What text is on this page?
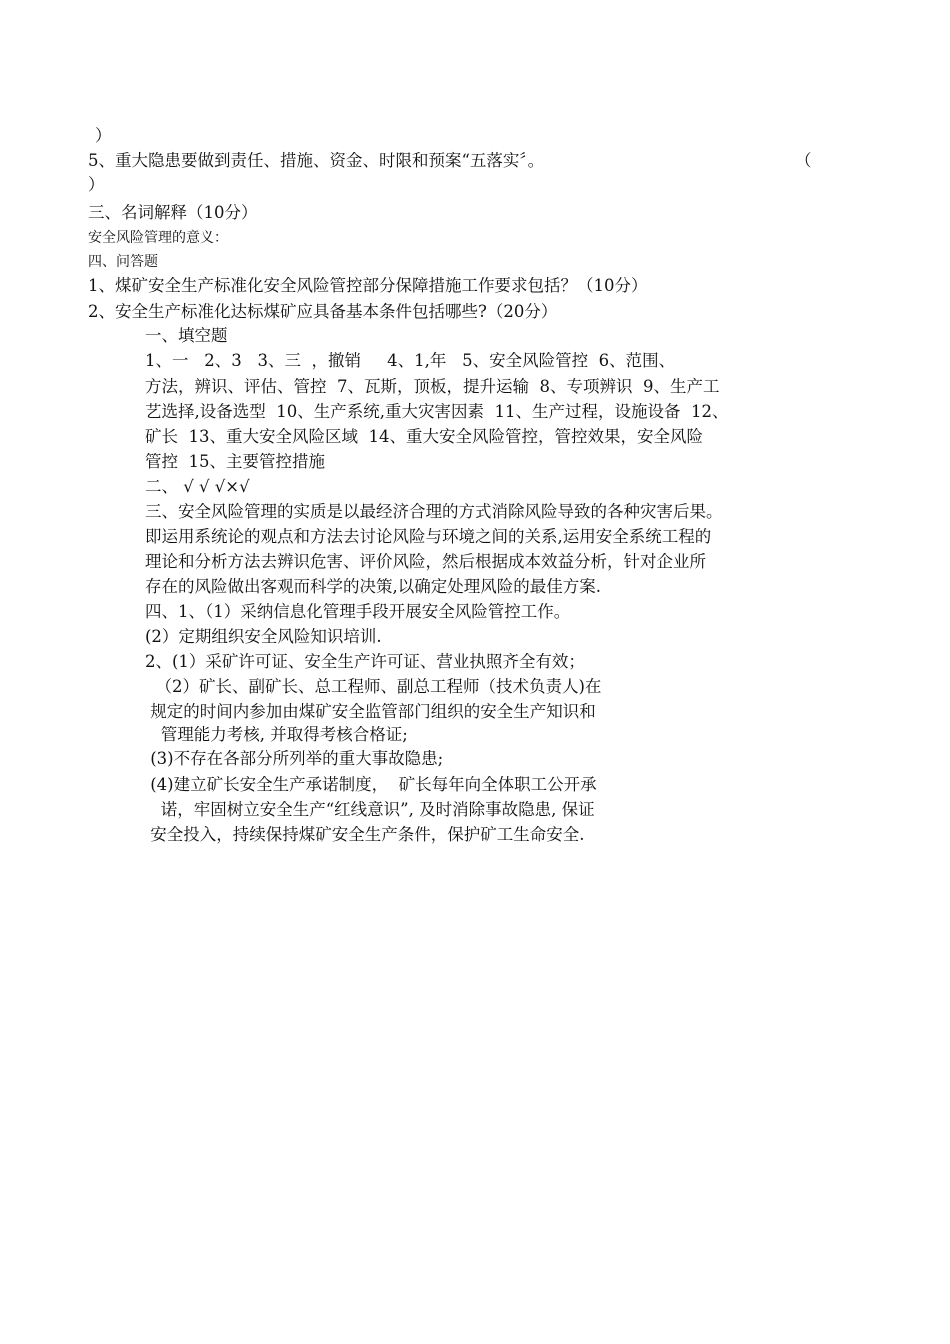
）
5、重大隐患要做到责任、措施、资金、时限和预案“五落实〞。	（
）
三、名词解释（10分）
安全风险管理的意义：
四、问答题
1、煤矿安全生产标准化安全风险管控部分保障措施工作要求包括？（10分）
2、安全生产标准化达标煤矿应具备基本条件包括哪些?（20分）
一、填空题
1、一   2、3   3、三  ，撤销     4、1,年   5、安全风险管控  6、范围、
方法，辨识、评估、管控  7、瓦斯，顶板，提升运输  8、专项辨识  9、生产工
艺选择,设备选型  10、生产系统,重大灾害因素  11、生产过程，设施设备  12、
矿长  13、重大安全风险区域  14、重大安全风险管控，管控效果，安全风险
管控  15、主要管控措施
二、 √ √ √×√
三、安全风险管理的实质是以最经济合理的方式消除风险导致的各种灾害后果。
即运用系统论的观点和方法去讨论风险与环境之间的关系,运用安全系统工程的
理论和分析方法去辨识危害、评价风险，然后根据成本效益分析，针对企业所
存在的风险做出客观而科学的决策,以确定处理风险的最佳方案.
四、1、（1）采纳信息化管理手段开展安全风险管控工作。
(2）定期组织安全风险知识培训.
2、(1）采矿许可证、安全生产许可证、营业执照齐全有效；
（2）矿长、副矿长、总工程师、副总工程师（技术负责人)在
规定的时间内参加由煤矿安全监管部门组织的安全生产知识和
管理能力考核, 并取得考核合格证;
(3)不存在各部分所列举的重大事故隐患;
(4)建立矿长安全生产承诺制度，  矿长每年向全体职工公开承
诺，牢固树立安全生产“红线意识”, 及时消除事故隐患, 保证
安全投入，持续保持煤矿安全生产条件，保护矿工生命安全.
